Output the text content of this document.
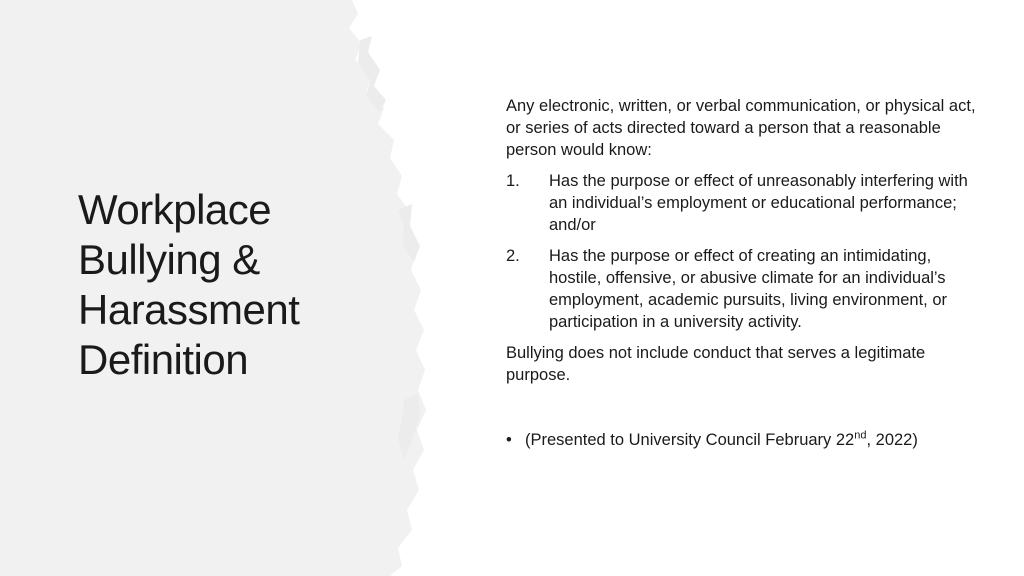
Workplace
Bullying &
Harassment
Definition

Any electronic, written, or verbal communication, or physical act, or series of acts directed toward a person that a reasonable person would know:

1.	Has the purpose or effect of unreasonably interfering with an individual’s employment or educational performance; and/or
2.	Has the purpose or effect of creating an intimidating, hostile, offensive, or abusive climate for an individual’s employment, academic pursuits, living environment, or participation in a university activity.

Bullying does not include conduct that serves a legitimate purpose.

• (Presented to University Council February 22nd, 2022)
